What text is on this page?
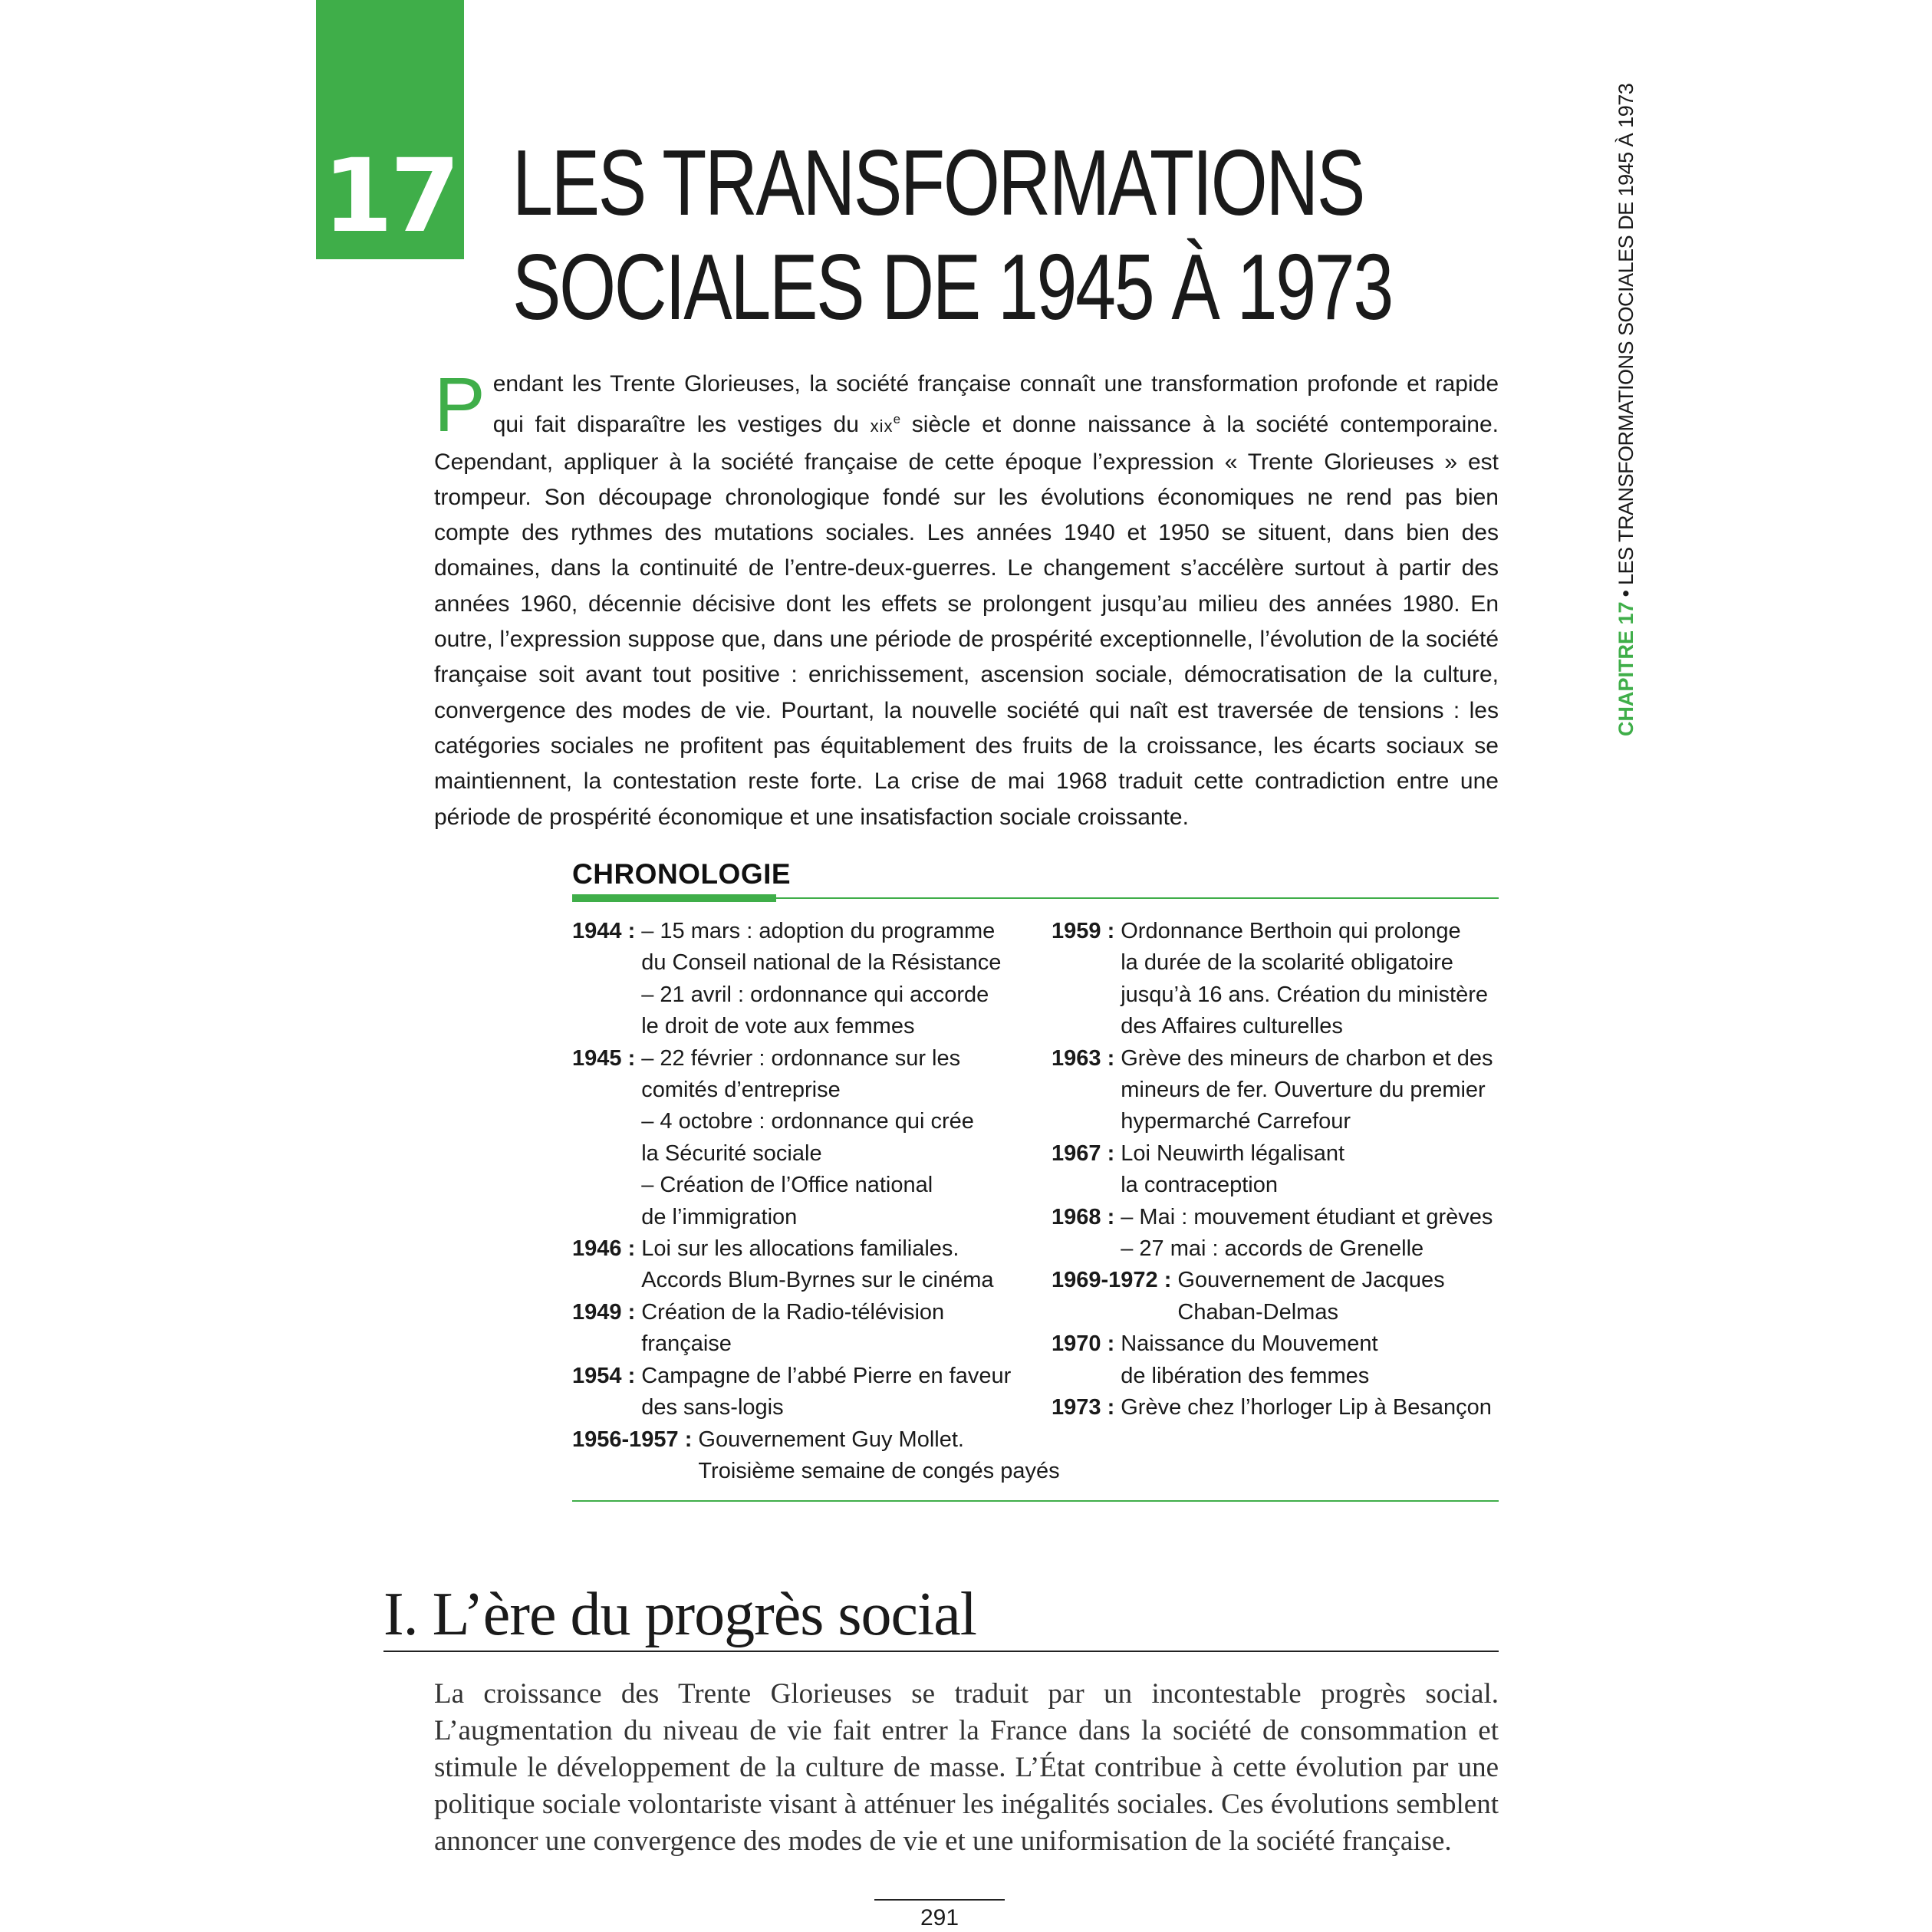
17 LES TRANSFORMATIONS
SOCIALES DE 1945 À 1973
CHAPITRE 17•LES TRANSFORMATIONS SOCIALES DE 1945 À 1973

Pendant les Trente Glorieuses, la société française connaît une transformation profonde et rapide qui fait disparaître les vestiges du xix$^e$ siècle et donne naissance à la société contemporaine. Cependant, appliquer à la société française de cette époque l’expression « Trente Glorieuses » est trompeur. Son découpage chronologique fondé sur les évolutions économiques ne rend pas bien compte des rythmes des mutations sociales. Les années 1940 et 1950 se situent, dans bien des domaines, dans la continuité de l’entre-deux-guerres. Le changement s’accélère surtout à partir des années 1960, décennie décisive dont les effets se prolongent jusqu’au milieu des années 1980. En outre, l’expression suppose que, dans une période de prospérité exceptionnelle, l’évolution de la société française soit avant tout positive : enrichissement, ascension sociale, démocratisation de la culture, convergence des modes de vie. Pourtant, la nouvelle société qui naît est traversée de tensions : les catégories sociales ne profitent pas équitablement des fruits de la croissance, les écarts sociaux se maintiennent, la contestation reste forte. La crise de mai 1968 traduit cette contradiction entre une période de prospérité économique et une insatisfaction sociale croissante.

CHRONOLOGIE
1944 : – 15 mars : adoption du programme
du Conseil national de la Résistance
– 21 avril : ordonnance qui accorde
le droit de vote aux femmes
1945 : – 22 février : ordonnance sur les
comités d’entreprise
– 4 octobre : ordonnance qui crée
la Sécurité sociale
– Création de l’Office national
de l’immigration
1946 : Loi sur les allocations familiales.
Accords Blum-Byrnes sur le cinéma
1949 : Création de la Radio-télévision
française
1954 : Campagne de l’abbé Pierre en faveur
des sans-logis
1956-1957 : Gouvernement Guy Mollet.
Troisième semaine de congés payés
1959 : Ordonnance Berthoin qui prolonge
la durée de la scolarité obligatoire
jusqu’à 16 ans. Création du ministère
des Affaires culturelles
1963 : Grève des mineurs de charbon et des
mineurs de fer. Ouverture du premier
hypermarché Carrefour
1967 : Loi Neuwirth légalisant
la contraception
1968 : – Mai : mouvement étudiant et grèves
– 27 mai : accords de Grenelle
1969-1972 : Gouvernement de Jacques
Chaban-Delmas
1970 : Naissance du Mouvement
de libération des femmes
1973 : Grève chez l’horloger Lip à Besançon
I. L’ère du progrès social

La croissance des Trente Glorieuses se traduit par un incontestable progrès social. L’augmentation du niveau de vie fait entrer la France dans la société de consommation et stimule le développement de la culture de masse. L’État contribue à cette évolution par une politique sociale volontariste visant à atténuer les inégalités sociales. Ces évolutions semblent annoncer une convergence des modes de vie et une uniformisation de la société française.

291
